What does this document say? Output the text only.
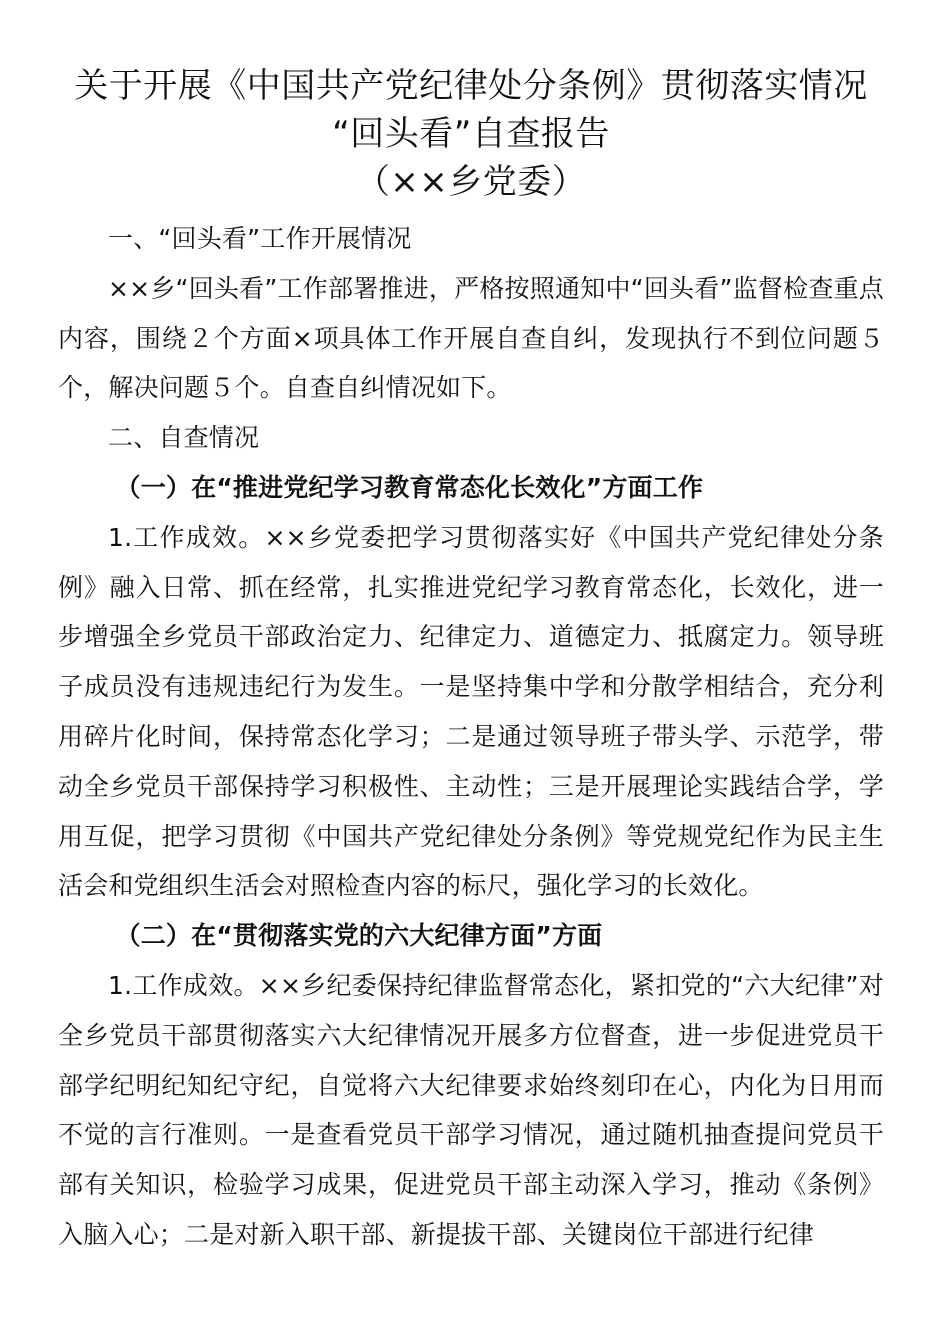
关于开展《中国共产党纪律处分条例》贯彻落实情况
“回头看”自查报告
（××乡党委）

一、“回头看”工作开展情况

××乡“回头看”工作部署推进，严格按照通知中“回头看”监督检查重点内容，围绕２个方面×项具体工作开展自查自纠，发现执行不到位问题５个，解决问题５个。自查自纠情况如下。

二、自查情况

（一）在“推进党纪学习教育常态化长效化”方面工作

1.工作成效。××乡党委把学习贯彻落实好《中国共产党纪律处分条例》融入日常、抓在经常，扎实推进党纪学习教育常态化，长效化，进一步增强全乡党员干部政治定力、纪律定力、道德定力、抵腐定力。领导班子成员没有违规违纪行为发生。一是坚持集中学和分散学相结合，充分利用碎片化时间，保持常态化学习；二是通过领导班子带头学、示范学，带动全乡党员干部保持学习积极性、主动性；三是开展理论实践结合学，学用互促，把学习贯彻《中国共产党纪律处分条例》等党规党纪作为民主生活会和党组织生活会对照检查内容的标尺，强化学习的长效化。

（二）在“贯彻落实党的六大纪律方面”方面

1.工作成效。××乡纪委保持纪律监督常态化，紧扣党的“六大纪律”对全乡党员干部贯彻落实六大纪律情况开展多方位督查，进一步促进党员干部学纪明纪知纪守纪，自觉将六大纪律要求始终刻印在心，内化为日用而不觉的言行准则。一是查看党员干部学习情况，通过随机抽查提问党员干部有关知识，检验学习成果，促进党员干部主动深入学习，推动《条例》入脑入心；二是对新入职干部、新提拔干部、关键岗位干部进行纪律
